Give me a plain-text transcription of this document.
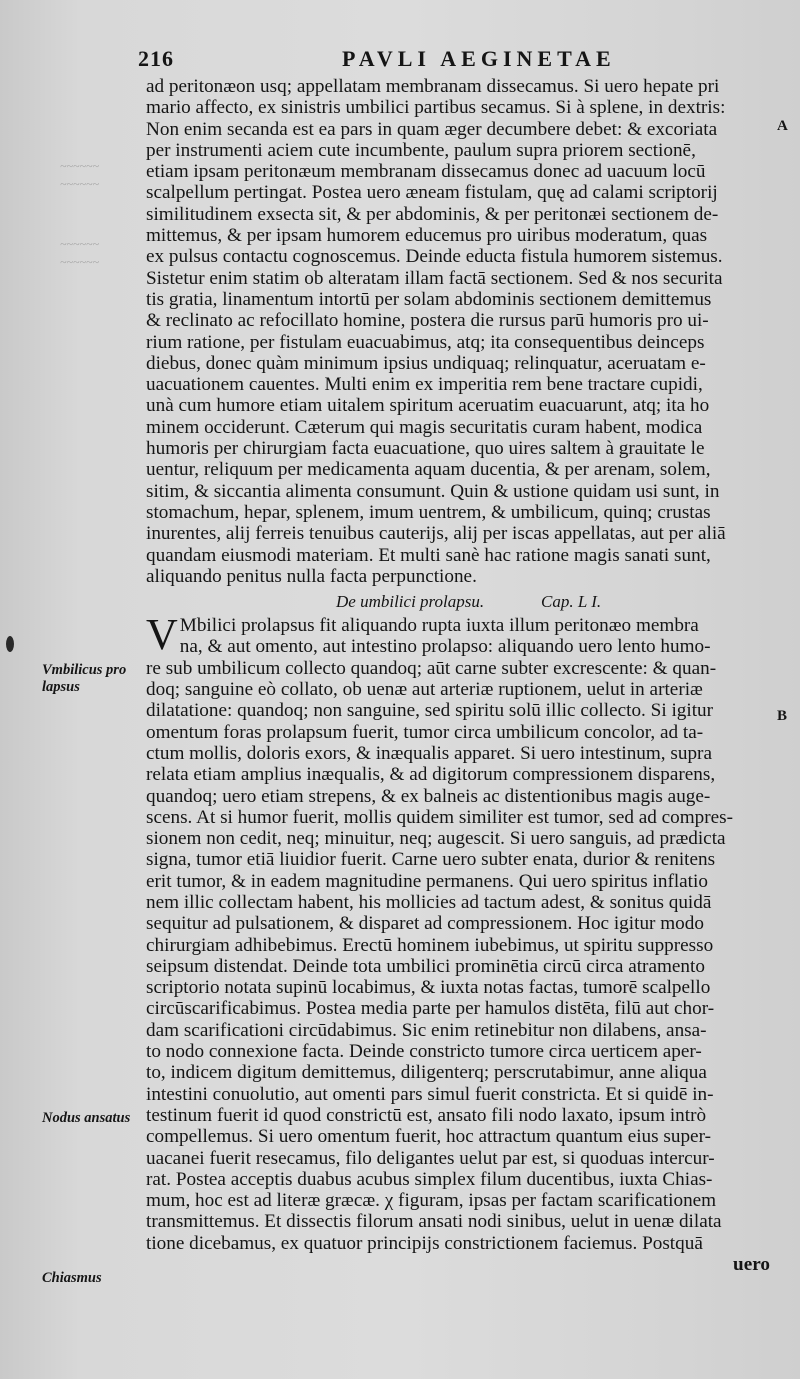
216	PAVLI AEGINETAE
~~~~~~
~~~~~~
~~~~~~
~~~~~~
A
B
Vmbilicus pro
lapsus
Nodus ansatus
Chiasmus
ad peritonæon usq; appellatam membranam dissecamus. Si uero hepate pri
mario affecto, ex sinistris umbilici partibus secamus. Si à splene, in dextris:
Non enim secanda est ea pars in quam æger decumbere debet: & excoriata
per instrumenti aciem cute incumbente, paulum supra priorem sectionē,
etiam ipsam peritonæum membranam dissecamus donec ad uacuum locū
scalpellum pertingat. Postea uero æneam fistulam, quę ad calami scriptorij
similitudinem exsecta sit, & per abdominis, & per peritonæi sectionem de-
mittemus, & per ipsam humorem educemus pro uiribus moderatum, quas
ex pulsus contactu cognoscemus. Deinde educta fistula humorem sistemus.
Sistetur enim statim ob alteratam illam factā sectionem. Sed & nos securita
tis gratia, linamentum intortū per solam abdominis sectionem demittemus
& reclinato ac refocillato homine, postera die rursus parū humoris pro ui-
rium ratione, per fistulam euacuabimus, atq; ita consequentibus deinceps
diebus, donec quàm minimum ipsius undiquaq; relinquatur, aceruatam e-
uacuationem cauentes. Multi enim ex imperitia rem bene tractare cupidi,
unà cum humore etiam uitalem spiritum aceruatim euacuarunt, atq; ita ho
minem occiderunt. Cæterum qui magis securitatis curam habent, modica
humoris per chirurgiam facta euacuatione, quo uires saltem à grauitate le
uentur, reliquum per medicamenta aquam ducentia, & per arenam, solem,
sitim, & siccantia alimenta consumunt. Quin & ustione quidam usi sunt, in
stomachum, hepar, splenem, imum uentrem, & umbilicum, quinq; crustas
inurentes, alij ferreis tenuibus cauterijs, alij per iscas appellatas, aut per aliā
quandam eiusmodi materiam. Et multi sanè hac ratione magis sanati sunt,
aliquando penitus nulla facta perpunctione.
De umbilici prolapsu.	Cap. L I.
V Mbilici prolapsus fit aliquando rupta iuxta illum peritonæo membra
na, & aut omento, aut intestino prolapso: aliquando uero lento humo-
re sub umbilicum collecto quandoq; aūt carne subter excrescente: & quan-
doq; sanguine eò collato, ob uenæ aut arteriæ ruptionem, uelut in arteriæ
dilatatione: quandoq; non sanguine, sed spiritu solū illic collecto. Si igitur
omentum foras prolapsum fuerit, tumor circa umbilicum concolor, ad ta-
ctum mollis, doloris exors, & inæqualis apparet. Si uero intestinum, supra
relata etiam amplius inæqualis, & ad digitorum compressionem disparens,
quandoq; uero etiam strepens, & ex balneis ac distentionibus magis auge-
scens. At si humor fuerit, mollis quidem similiter est tumor, sed ad compres-
sionem non cedit, neq; minuitur, neq; augescit. Si uero sanguis, ad prædicta
signa, tumor etiā liuidior fuerit. Carne uero subter enata, durior & renitens
erit tumor, & in eadem magnitudine permanens. Qui uero spiritus inflatio
nem illic collectam habent, his mollicies ad tactum adest, & sonitus quidā
sequitur ad pulsationem, & disparet ad compressionem. Hoc igitur modo
chirurgiam adhibebimus. Erectū hominem iubebimus, ut spiritu suppresso
seipsum distendat. Deinde tota umbilici prominētia circū circa atramento
scriptorio notata supinū locabimus, & iuxta notas factas, tumorē scalpello
circūscarificabimus. Postea media parte per hamulos distēta, filū aut chor-
dam scarificationi circūdabimus. Sic enim retinebitur non dilabens, ansa-
to nodo connexione facta. Deinde constricto tumore circa uerticem aper-
to, indicem digitum demittemus, diligenterq; perscrutabimur, anne aliqua
intestini conuolutio, aut omenti pars simul fuerit constricta. Et si quidē in-
testinum fuerit id quod constrictū est, ansato fili nodo laxato, ipsum intrò
compellemus. Si uero omentum fuerit, hoc attractum quantum eius super-
uacanei fuerit resecamus, filo deligantes uelut par est, si quoduas intercur-
rat. Postea acceptis duabus acubus simplex filum ducentibus, iuxta Chias-
mum, hoc est ad literæ græcæ. χ figuram, ipsas per factam scarificationem
transmittemus. Et dissectis filorum ansati nodi sinibus, uelut in uenæ dilata
tione dicebamus, ex quatuor principijs constrictionem faciemus. Postquā
uero
